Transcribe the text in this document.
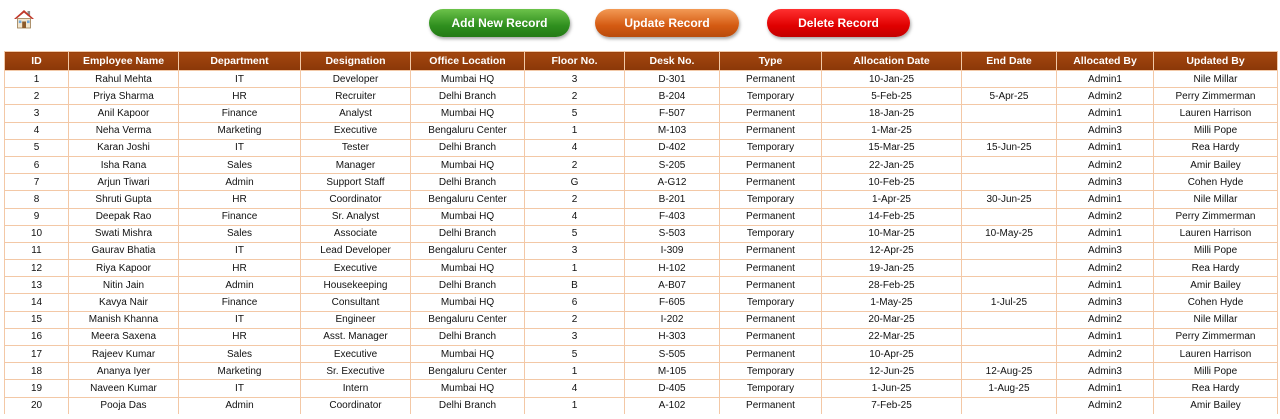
Add New Record	Update Record	Delete Record
ID	Employee Name	Department	Designation	Office Location	Floor No.	Desk No.	Type	Allocation Date	End Date	Allocated By	Updated By
1	Rahul Mehta	IT	Developer	Mumbai HQ	3	D-301	Permanent	10-Jan-25		Admin1	Nile Millar
2	Priya Sharma	HR	Recruiter	Delhi Branch	2	B-204	Temporary	5-Feb-25	5-Apr-25	Admin2	Perry Zimmerman
3	Anil Kapoor	Finance	Analyst	Mumbai HQ	5	F-507	Permanent	18-Jan-25		Admin1	Lauren Harrison
4	Neha Verma	Marketing	Executive	Bengaluru Center	1	M-103	Permanent	1-Mar-25		Admin3	Milli Pope
5	Karan Joshi	IT	Tester	Delhi Branch	4	D-402	Temporary	15-Mar-25	15-Jun-25	Admin1	Rea Hardy
6	Isha Rana	Sales	Manager	Mumbai HQ	2	S-205	Permanent	22-Jan-25		Admin2	Amir Bailey
7	Arjun Tiwari	Admin	Support Staff	Delhi Branch	G	A-G12	Permanent	10-Feb-25		Admin3	Cohen Hyde
8	Shruti Gupta	HR	Coordinator	Bengaluru Center	2	B-201	Temporary	1-Apr-25	30-Jun-25	Admin1	Nile Millar
9	Deepak Rao	Finance	Sr. Analyst	Mumbai HQ	4	F-403	Permanent	14-Feb-25		Admin2	Perry Zimmerman
10	Swati Mishra	Sales	Associate	Delhi Branch	5	S-503	Temporary	10-Mar-25	10-May-25	Admin1	Lauren Harrison
11	Gaurav Bhatia	IT	Lead Developer	Bengaluru Center	3	I-309	Permanent	12-Apr-25		Admin3	Milli Pope
12	Riya Kapoor	HR	Executive	Mumbai HQ	1	H-102	Permanent	19-Jan-25		Admin2	Rea Hardy
13	Nitin Jain	Admin	Housekeeping	Delhi Branch	B	A-B07	Permanent	28-Feb-25		Admin1	Amir Bailey
14	Kavya Nair	Finance	Consultant	Mumbai HQ	6	F-605	Temporary	1-May-25	1-Jul-25	Admin3	Cohen Hyde
15	Manish Khanna	IT	Engineer	Bengaluru Center	2	I-202	Permanent	20-Mar-25		Admin2	Nile Millar
16	Meera Saxena	HR	Asst. Manager	Delhi Branch	3	H-303	Permanent	22-Mar-25		Admin1	Perry Zimmerman
17	Rajeev Kumar	Sales	Executive	Mumbai HQ	5	S-505	Permanent	10-Apr-25		Admin2	Lauren Harrison
18	Ananya Iyer	Marketing	Sr. Executive	Bengaluru Center	1	M-105	Temporary	12-Jun-25	12-Aug-25	Admin3	Milli Pope
19	Naveen Kumar	IT	Intern	Mumbai HQ	4	D-405	Temporary	1-Jun-25	1-Aug-25	Admin1	Rea Hardy
20	Pooja Das	Admin	Coordinator	Delhi Branch	1	A-102	Permanent	7-Feb-25		Admin2	Amir Bailey
